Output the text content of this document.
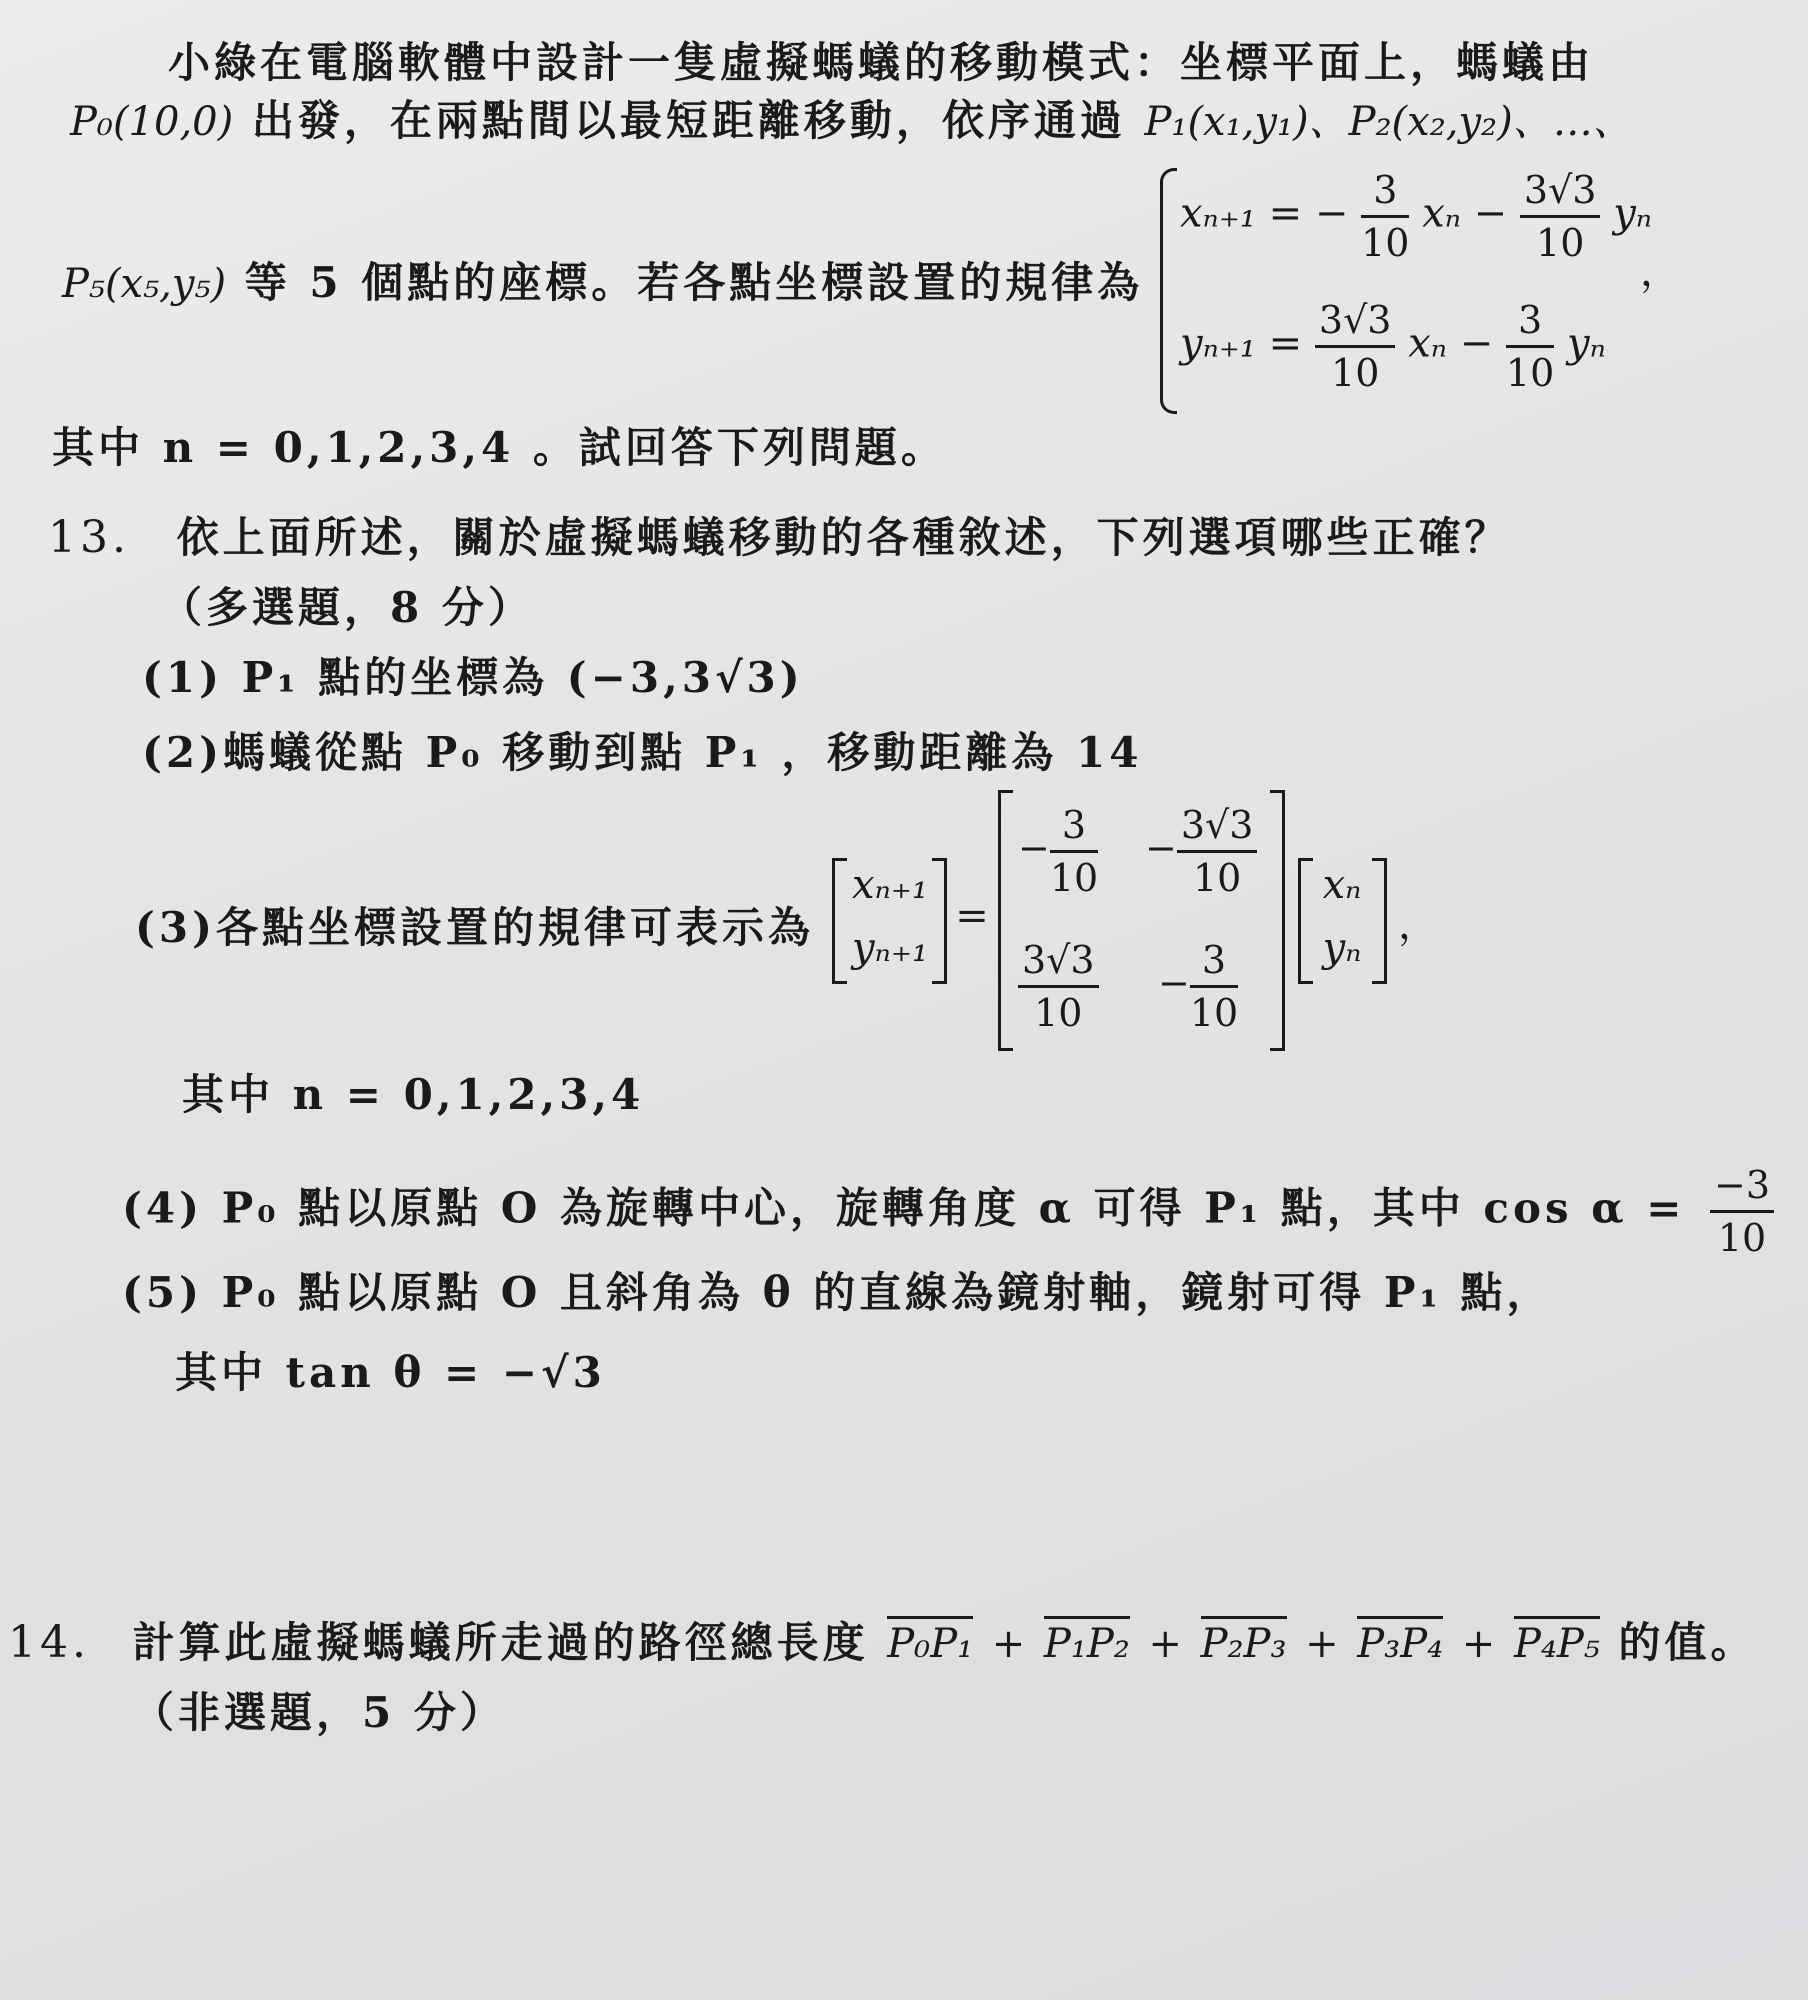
小綠在電腦軟體中設計一隻虛擬螞蟻的移動模式：坐標平面上，螞蟻由
P₀(10,0) 出發，在兩點間以最短距離移動，依序通過 P₁(x₁,y₁)、P₂(x₂,y₂)、…、
P₅(x₅,y₅) 等 5 個點的座標。若各點坐標設置的規律為
xₙ₊₁ = − $\frac{3}{10}$ $x_n - \frac{3√3}{10}$ yₙ
，
$y_{n+1} = \frac{3√3}{10}$ $x_n - \frac{3}{10}$ yₙ
其中 n = 0,1,2,3,4 。試回答下列問題。
13. 依上面所述，關於虛擬螞蟻移動的各種敘述，下列選項哪些正確？
（多選題，8 分）
(1) P₁ 點的坐標為 (−3,3√3)
(2)螞蟻從點 P₀ 移動到點 P₁ ，移動距離為 14
(3)各點坐標設置的規律可表示為
xₙ₊₁
yₙ₊₁
=
− $\frac{3}{10} - \frac{3√3}{10}$
$\frac{3√3}{10} - \frac{3}{10}$
xₙ
yₙ ，
其中 n = 0,1,2,3,4
(4) P₀ 點以原點 O 為旋轉中心，旋轉角度 α 可得 P₁ 點，其中 $\cos \alpha = \frac{-3}{10}$
(5) P₀ 點以原點 O 且斜角為 θ 的直線為鏡射軸，鏡射可得 P₁ 點，
其中 tan θ = −√3
14. 計算此虛擬螞蟻所走過的路徑總長度 P₀P₁ + P₁P₂ + P₂P₃ + P₃P₄ + P₄P₅ 的值。
（非選題，5 分）
